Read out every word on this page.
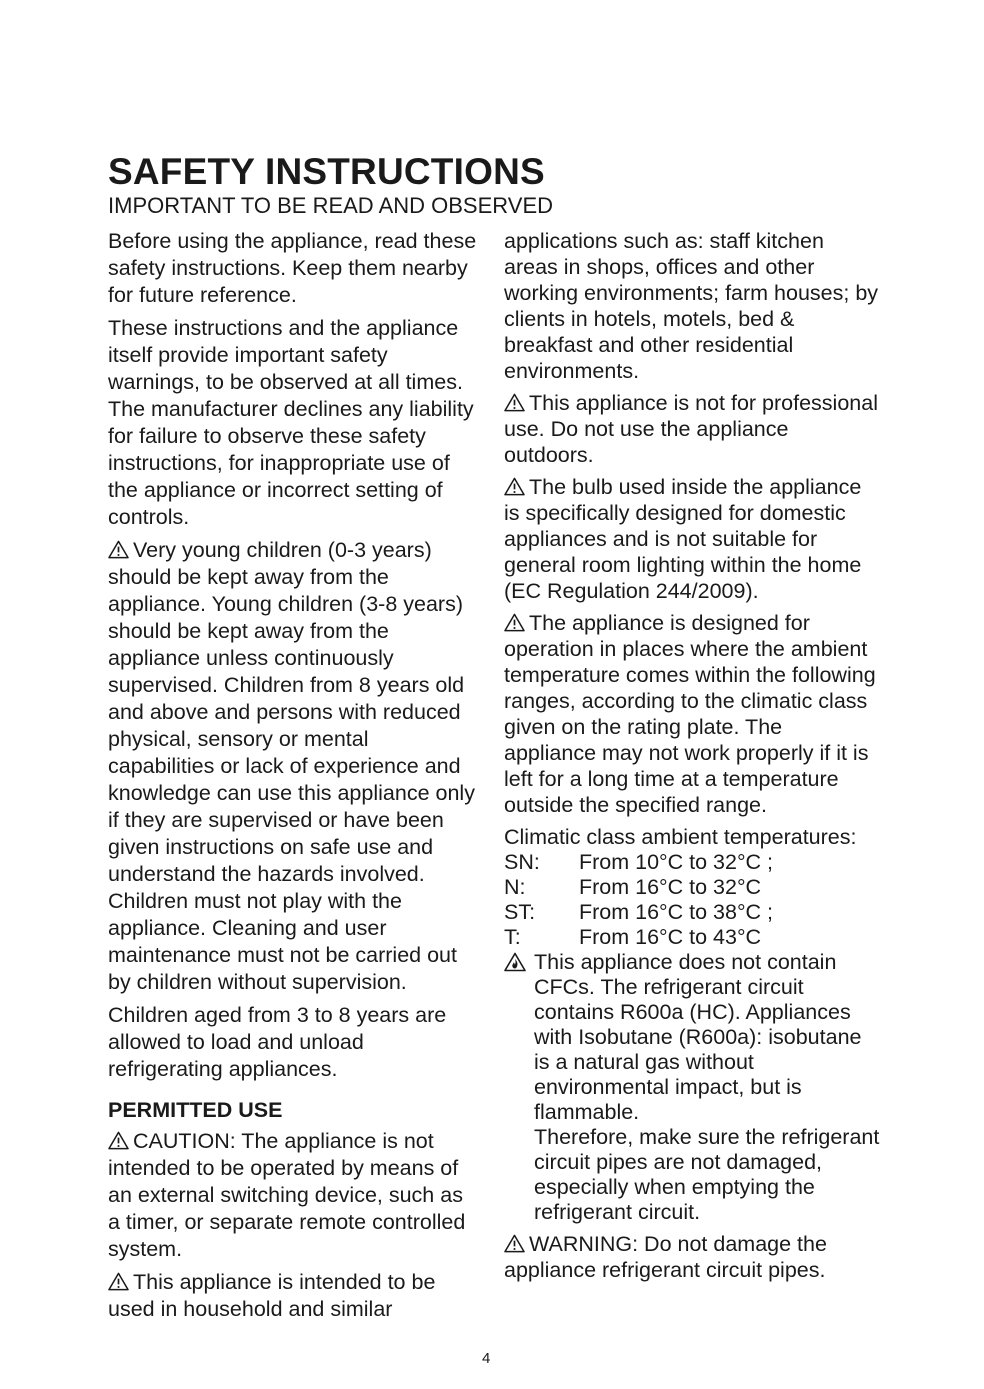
SAFETY INSTRUCTIONS
IMPORTANT TO BE READ AND OBSERVED

Before using the appliance, read these safety instructions. Keep them nearby for future reference.

These instructions and the appliance itself provide important safety warnings, to be observed at all times. The manufacturer declines any liability for failure to observe these safety instructions, for inappropriate use of the appliance or incorrect setting of controls.

Very young children (0-3 years) should be kept away from the appliance. Young children (3-8 years) should be kept away from the appliance unless continuously supervised. Children from 8 years old and above and persons with reduced physical, sensory or mental capabilities or lack of experience and knowledge can use this appliance only if they are supervised or have been given instructions on safe use and understand the hazards involved. Children must not play with the appliance. Cleaning and user maintenance must not be carried out by children without supervision.

Children aged from 3 to 8 years are allowed to load and unload refrigerating appliances.

PERMITTED USE

CAUTION: The appliance is not intended to be operated by means of an external switching device, such as a timer, or separate remote controlled system.

This appliance is intended to be used in household and similar

applications such as: staff kitchen areas in shops, offices and other working environments; farm houses; by clients in hotels, motels, bed & breakfast and other residential environments.

This appliance is not for professional use. Do not use the appliance outdoors.

The bulb used inside the appliance is specifically designed for domestic appliances and is not suitable for general room lighting within the home (EC Regulation 244/2009).

The appliance is designed for operation in places where the ambient temperature comes within the following ranges, according to the climatic class given on the rating plate. The appliance may not work properly if it is left for a long time at a temperature outside the specified range.

Climatic class ambient temperatures:
SN:	From 10°C to 32°C ;
N:	From 16°C to 32°C
ST:	From 16°C to 38°C ;
T:	From 16°C to 43°C

This appliance does not contain CFCs. The refrigerant circuit contains R600a (HC). Appliances with Isobutane (R600a): isobutane is a natural gas without environmental impact, but is flammable.

Therefore, make sure the refrigerant circuit pipes are not damaged, especially when emptying the refrigerant circuit.

WARNING: Do not damage the appliance refrigerant circuit pipes.

4
